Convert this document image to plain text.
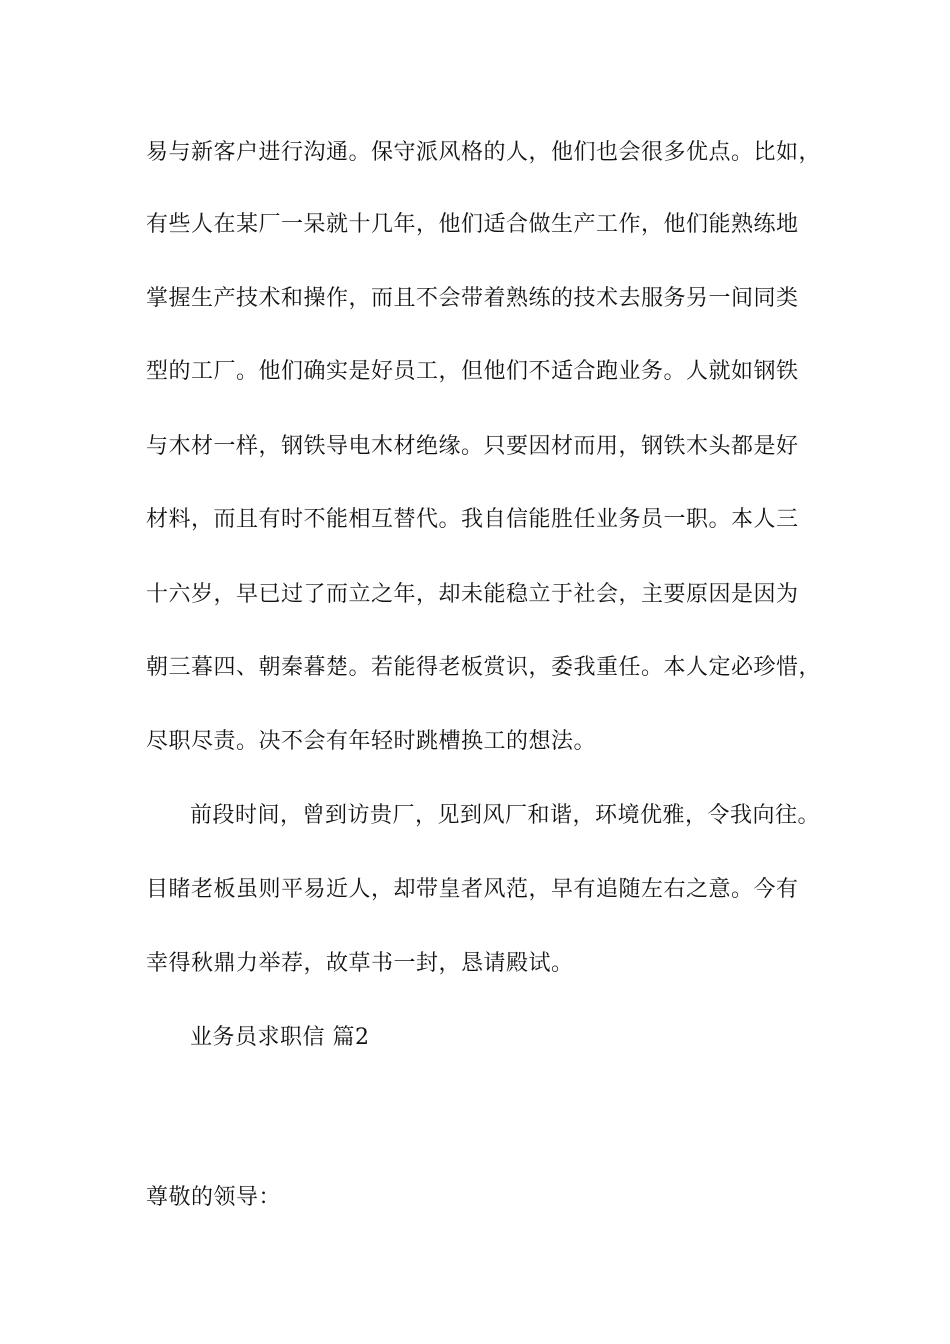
易与新客户进行沟通。保守派风格的人，他们也会很多优点。比如，
有些人在某厂一呆就十几年，他们适合做生产工作，他们能熟练地
掌握生产技术和操作，而且不会带着熟练的技术去服务另一间同类
型的工厂。他们确实是好员工，但他们不适合跑业务。人就如钢铁
与木材一样，钢铁导电木材绝缘。只要因材而用，钢铁木头都是好
材料，而且有时不能相互替代。我自信能胜任业务员一职。本人三
十六岁，早已过了而立之年，却未能稳立于社会，主要原因是因为
朝三暮四、朝秦暮楚。若能得老板赏识，委我重任。本人定必珍惜，
尽职尽责。决不会有年轻时跳槽换工的想法。
前段时间，曾到访贵厂，见到风厂和谐，环境优雅，令我向往。
目睹老板虽则平易近人，却带皇者风范，早有追随左右之意。今有
幸得秋鼎力举荐，故草书一封，恳请殿试。
业务员求职信 篇2
尊敬的领导：
